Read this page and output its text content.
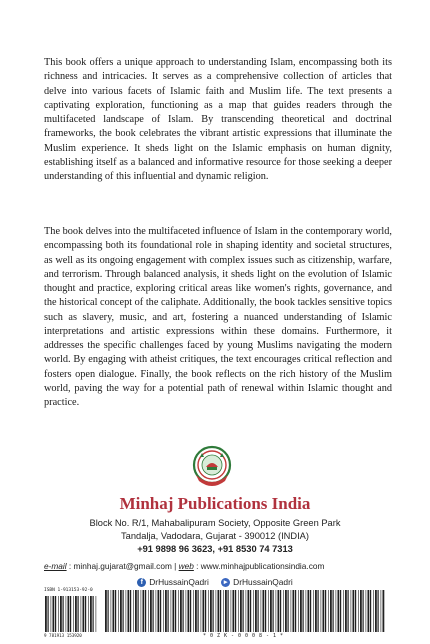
This book offers a unique approach to understanding Islam, encompassing both its richness and intricacies. It serves as a comprehensive collection of articles that delve into various facets of Islamic faith and Muslim life. The text presents a captivating exploration, functioning as a map that guides readers through the multifaceted landscape of Islam. By transcending theoretical and doctrinal frameworks, the book celebrates the vibrant artistic expressions that illuminate the Muslim experience. It sheds light on the Islamic emphasis on human dignity, establishing itself as a balanced and informative resource for those seeking a deeper understanding of this influential and dynamic religion.

The book delves into the multifaceted influence of Islam in the contemporary world, encompassing both its foundational role in shaping identity and societal structures, as well as its ongoing engagement with complex issues such as citizenship, warfare, and terrorism. Through balanced analysis, it sheds light on the evolution of Islamic thought and practice, exploring critical areas like women's rights, governance, and the historical concept of the caliphate. Additionally, the book tackles sensitive topics such as slavery, music, and art, fostering a nuanced understanding of Islamic interpretations and artistic expressions within these domains. Furthermore, it addresses the specific challenges faced by young Muslims navigating the modern world. By engaging with atheist critiques, the text encourages critical reflection and fosters open dialogue. Finally, the book reflects on the rich history of the Muslim world, paving the way for a potential path of renewal within Islamic thought and practice.

Minhaj Publications India
Block No. R/1, Mahabalipuram Society, Opposite Green Park
Tandalja, Vadodara, Gujarat - 390012 (INDIA)
+91 9898 96 3623, +91 8530 74 7313
e-mail : minhaj.gujarat@gmail.com | web : www.minhajpublicationsindia.com
f DrHussainQadri ▸ DrHussainQadri
ISBN 1-913153-92-0
9 781913 153920	*0ZK-0008-1*
